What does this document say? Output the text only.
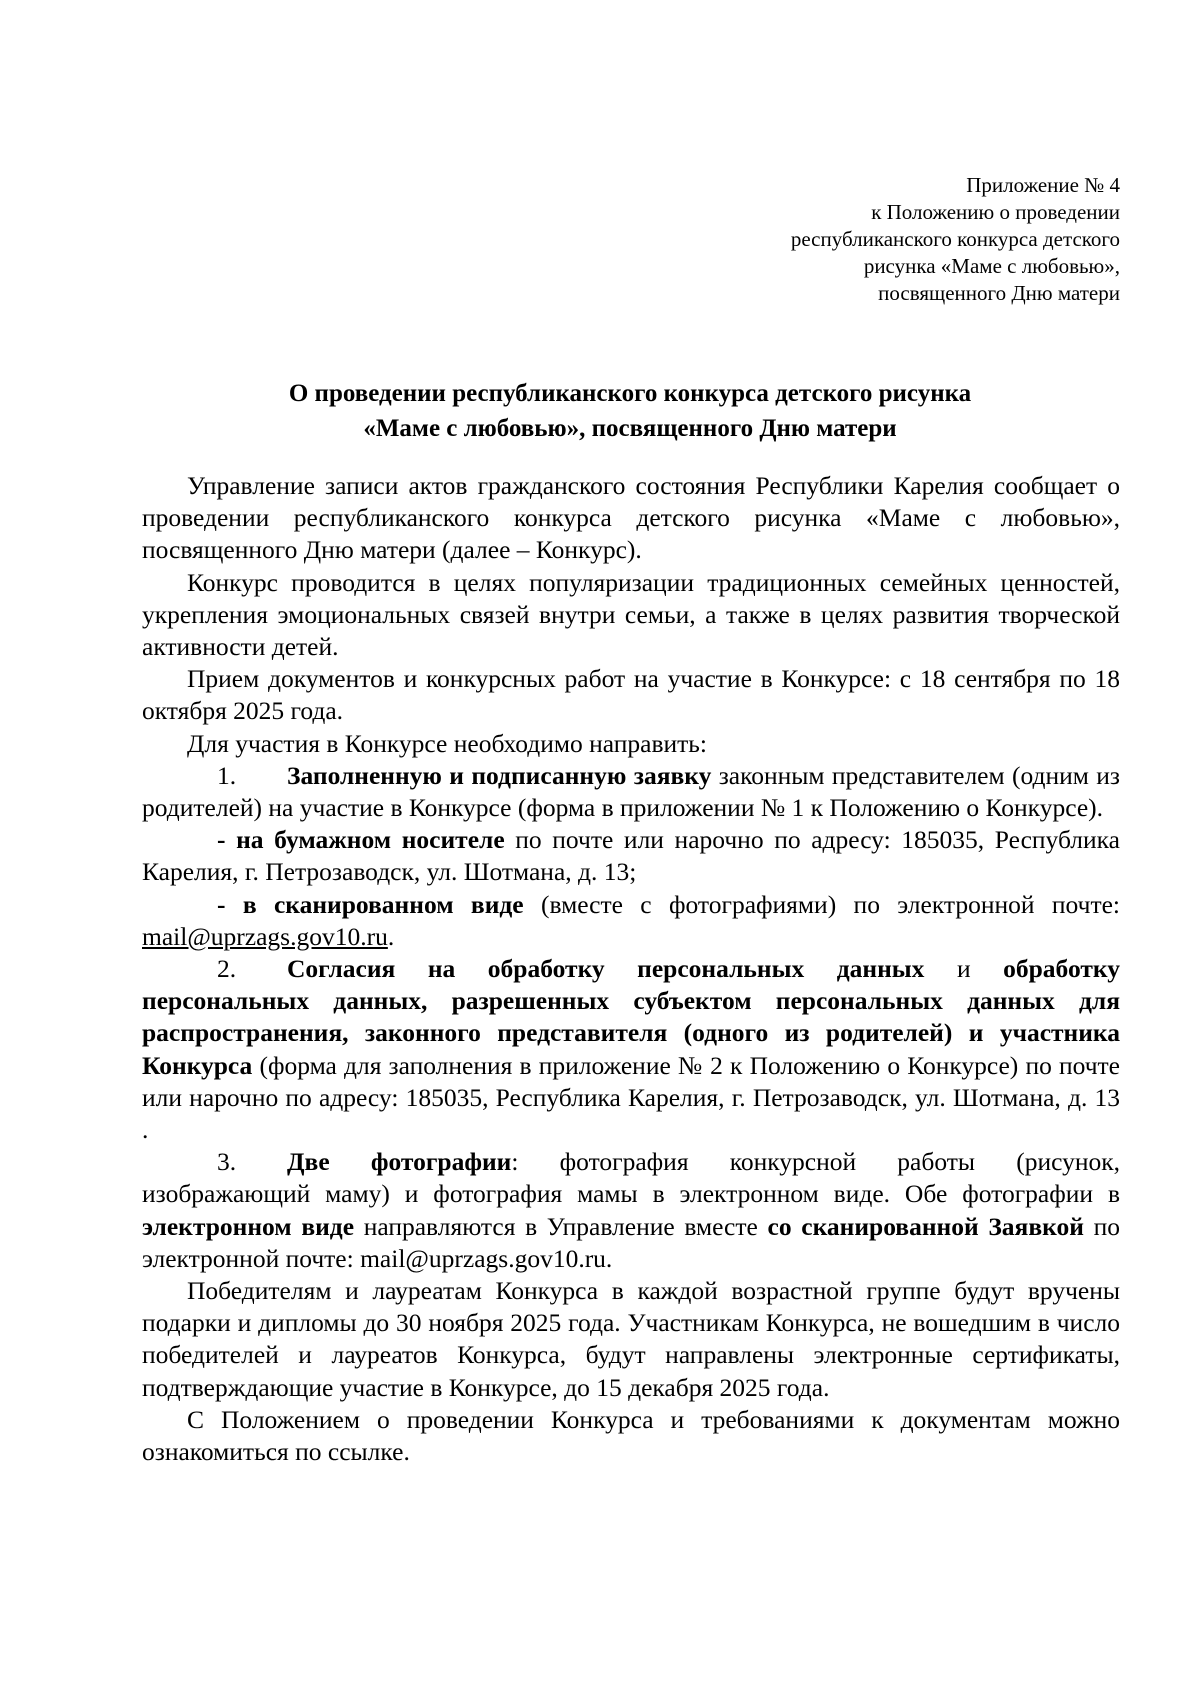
Приложение № 4
к Положению о проведении
республиканского конкурса детского
рисунка «Маме с любовью»,
посвященного Дню матери
О проведении республиканского конкурса детского рисунка
«Маме с любовью», посвященного Дню матери

Управление записи актов гражданского состояния Республики Карелия сообщает о проведении республиканского конкурса детского рисунка «Маме с любовью», посвященного Дню матери (далее – Конкурс).

Конкурс проводится в целях популяризации традиционных семейных ценностей, укрепления эмоциональных связей внутри семьи, а также в целях развития творческой активности детей.

Прием документов и конкурсных работ на участие в Конкурсе: с 18 сентября по 18 октября 2025 года.

Для участия в Конкурсе необходимо направить:

1. Заполненную и подписанную заявку законным представителем (одним из родителей) на участие в Конкурсе (форма в приложении № 1 к Положению о Конкурсе).

- на бумажном носителе по почте или нарочно по адресу: 185035, Республика Карелия, г. Петрозаводск, ул. Шотмана, д. 13;

- в сканированном виде (вместе с фотографиями) по электронной почте: mail@uprzags.gov10.ru.

2. Согласия на обработку персональных данных и обработку персональных данных, разрешенных субъектом персональных данных для распространения, законного представителя (одного из родителей) и участника Конкурса (форма для заполнения в приложение № 2 к Положению о Конкурсе) по почте или нарочно по адресу: 185035, Республика Карелия, г. Петрозаводск, ул. Шотмана, д. 13 .

3. Две фотографии: фотография конкурсной работы (рисунок, изображающий маму) и фотография мамы в электронном виде. Обе фотографии в электронном виде направляются в Управление вместе со сканированной Заявкой по электронной почте: mail@uprzags.gov10.ru.

Победителям и лауреатам Конкурса в каждой возрастной группе будут вручены подарки и дипломы до 30 ноября 2025 года. Участникам Конкурса, не вошедшим в число победителей и лауреатов Конкурса, будут направлены электронные сертификаты, подтверждающие участие в Конкурсе, до 15 декабря 2025 года.

С Положением о проведении Конкурса и требованиями к документам можно ознакомиться по ссылке.
